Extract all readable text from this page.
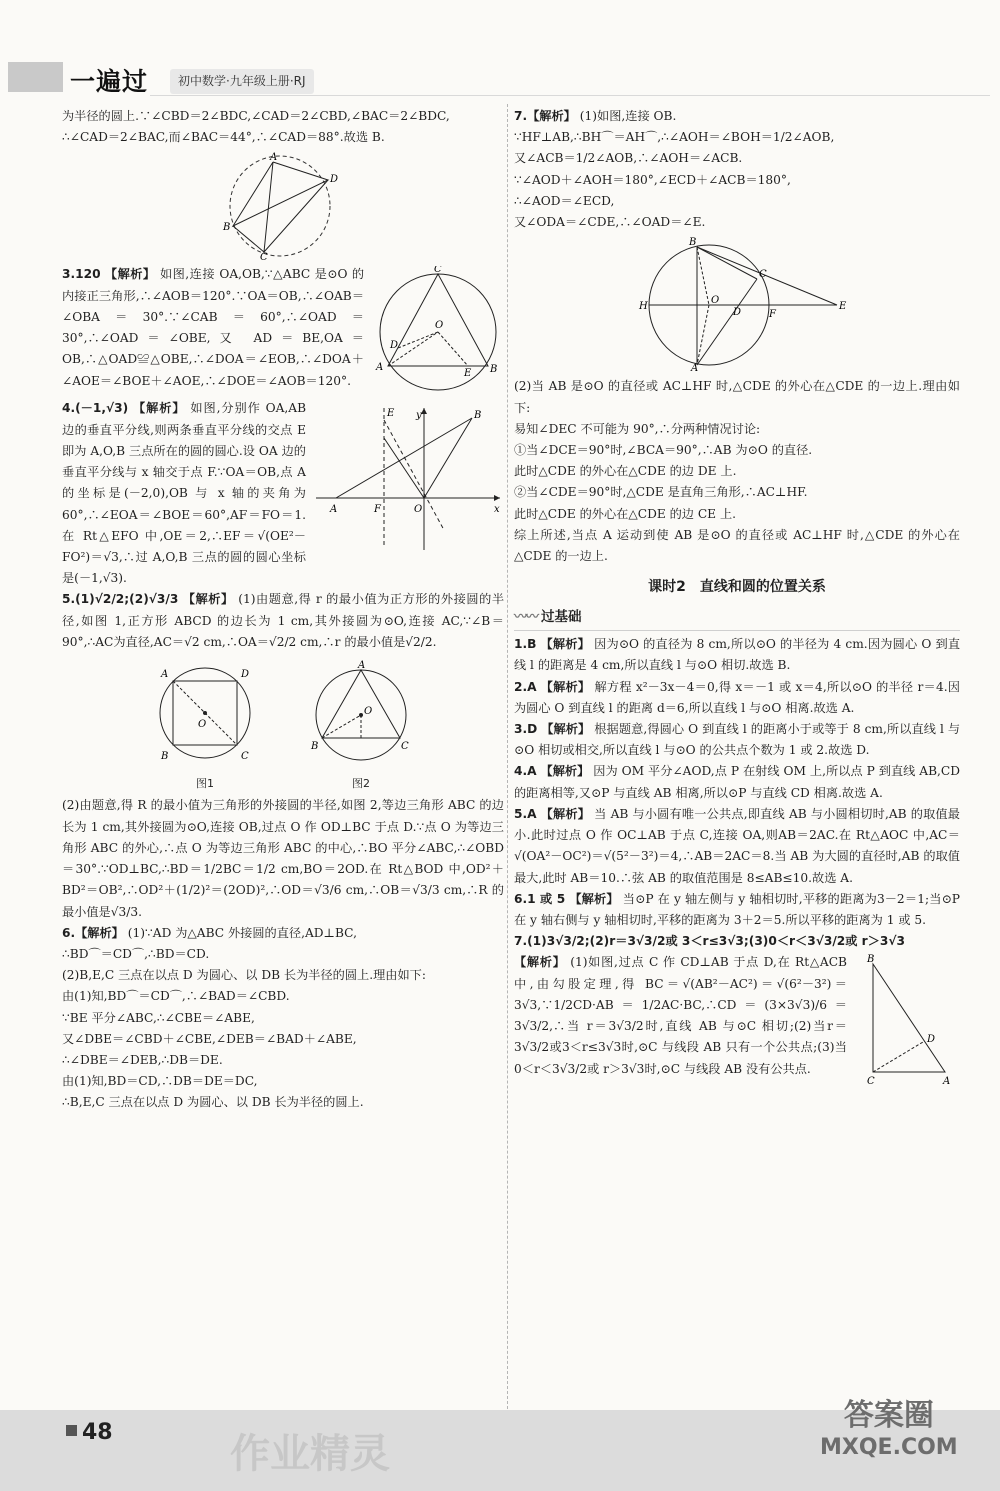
一遍过	初中数学·九年级上册·RJ

为半径的圆上.∵∠CBD＝2∠BDC,∠CAD＝2∠CBD,∠BAC＝2∠BDC,

∴∠CAD＝2∠BAC,而∠BAC＝44°,∴∠CAD＝88°.故选 B.

A
D
B
C
C
D
O
A
E B

3.120 【解析】 如图,连接 OA,OB,∵△ABC 是⊙O 的内接正三角形,∴∠AOB＝120°.∵OA＝OB,∴∠OAB＝∠OBA＝30°.∵∠CAB＝60°,∴∠OAD＝30°,∴∠OAD＝∠OBE,又 AD＝BE,OA＝OB,∴△OAD≌△OBE,∴∠DOA＝∠EOB,∴∠DOA＋∠AOE＝∠BOE＋∠AOE,∴∠DOE＝∠AOB＝120°.

E y	B
A	F	O	x

4.(－1,√3) 【解析】 如图,分别作 OA,AB 边的垂直平分线,则两条垂直平分线的交点 E 即为 A,O,B 三点所在的圆的圆心.设 OA 边的垂直平分线与 x 轴交于点 F.∵OA＝OB,点 A 的坐标是(－2,0),OB 与 x 轴的夹角为 60°,∴∠EOA＝∠BOE＝60°,AF＝FO＝1.在 Rt△EFO 中,OE＝2,∴EF＝√(OE²－FO²)＝√3,∴过 A,O,B 三点的圆的圆心坐标是(－1,√3).

5.(1)√2/2;(2)√3/3 【解析】 (1)由题意,得 r 的最小值为正方形的外接圆的半径,如图 1,正方形 ABCD 的边长为 1 cm,其外接圆为⊙O,连接 AC,∵∠B＝90°,∴AC为直径,AC＝√2 cm,∴OA＝√2/2 cm,∴r 的最小值是√2/2.

A	D
B	C
O
图1
A
B	C
O
图2

(2)由题意,得 R 的最小值为三角形的外接圆的半径,如图 2,等边三角形 ABC 的边长为 1 cm,其外接圆为⊙O,连接 OB,过点 O 作 OD⊥BC 于点 D.∵点 O 为等边三角形 ABC 的外心,∴点 O 为等边三角形 ABC 的中心,∴BO 平分∠ABC,∴∠OBD＝30°.∵OD⊥BC,∴BD＝1/2BC＝1/2 cm,BO＝2OD.在 Rt△BOD 中,OD²＋BD²＝OB²,∴OD²＋(1/2)²＝(2OD)²,∴OD＝√3/6 cm,∴OB＝√3/3 cm,∴R 的最小值是√3/3.

6.【解析】 (1)∵AD 为△ABC 外接圆的直径,AD⊥BC,

∴BD⌒＝CD⌒,∴BD＝CD.

(2)B,E,C 三点在以点 D 为圆心、以 DB 长为半径的圆上.理由如下:

由(1)知,BD⌒＝CD⌒,∴∠BAD＝∠CBD.

∵BE 平分∠ABC,∴∠CBE＝∠ABE,

又∠DBE＝∠CBD＋∠CBE,∠DEB＝∠BAD＋∠ABE,

∴∠DBE＝∠DEB,∴DB＝DE.

由(1)知,BD＝CD,∴DB＝DE＝DC,

∴B,E,C 三点在以点 D 为圆心、以 DB 长为半径的圆上.

7.【解析】 (1)如图,连接 OB.

∵HF⊥AB,∴BH⌒＝AH⌒,∴∠AOH＝∠BOH＝1/2∠AOB,

又∠ACB＝1/2∠AOB,∴∠AOH＝∠ACB.

∵∠AOD＋∠AOH＝180°,∠ECD＋∠ACB＝180°,

∴∠AOD＝∠ECD,

又∠ODA＝∠CDE,∴∠OAD＝∠E.

B
C
H
O
D	F
E
A

(2)当 AB 是⊙O 的直径或 AC⊥HF 时,△CDE 的外心在△CDE 的一边上.理由如下:

易知∠DEC 不可能为 90°,∴分两种情况讨论:

①当∠DCE＝90°时,∠BCA＝90°,∴AB 为⊙O 的直径.

此时△CDE 的外心在△CDE 的边 DE 上.

②当∠CDE＝90°时,△CDE 是直角三角形,∴AC⊥HF.

此时△CDE 的外心在△CDE 的边 CE 上.

综上所述,当点 A 运动到使 AB 是⊙O 的直径或 AC⊥HF 时,△CDE 的外心在△CDE 的一边上.

课时2　直线和圆的位置关系
〰〰 过基础

1.B 【解析】 因为⊙O 的直径为 8 cm,所以⊙O 的半径为 4 cm.因为圆心 O 到直线 l 的距离是 4 cm,所以直线 l 与⊙O 相切.故选 B.

2.A 【解析】 解方程 x²－3x－4＝0,得 x＝－1 或 x＝4,所以⊙O 的半径 r＝4.因为圆心 O 到直线 l 的距离 d＝6,所以直线 l 与⊙O 相离.故选 A.

3.D 【解析】 根据题意,得圆心 O 到直线 l 的距离小于或等于 8 cm,所以直线 l 与⊙O 相切或相交,所以直线 l 与⊙O 的公共点个数为 1 或 2.故选 D.

4.A 【解析】 因为 OM 平分∠AOD,点 P 在射线 OM 上,所以点 P 到直线 AB,CD 的距离相等,又⊙P 与直线 AB 相离,所以⊙P 与直线 CD 相离.故选 A.

5.A 【解析】 当 AB 与小圆有唯一公共点,即直线 AB 与小圆相切时,AB 的取值最小.此时过点 O 作 OC⊥AB 于点 C,连接 OA,则AB＝2AC.在 Rt△AOC 中,AC＝√(OA²－OC²)＝√(5²－3²)＝4,∴AB＝2AC＝8.当 AB 为大圆的直径时,AB 的取值最大,此时 AB＝10.∴弦 AB 的取值范围是 8≤AB≤10.故选 A.

6.1 或 5 【解析】 当⊙P 在 y 轴左侧与 y 轴相切时,平移的距离为3－2＝1;当⊙P 在 y 轴右侧与 y 轴相切时,平移的距离为 3＋2＝5.所以平移的距离为 1 或 5.

7.(1)3√3/2;(2)r＝3√3/2或 3＜r≤3√3;(3)0＜r＜3√3/2或 r＞3√3

B
D
C	A

【解析】 (1)如图,过点 C 作 CD⊥AB 于点 D,在 Rt△ACB 中,由勾股定理,得 BC＝√(AB²－AC²)＝√(6²－3²)＝3√3,∵1/2CD·AB＝1/2AC·BC,∴CD＝(3×3√3)/6＝3√3/2,∴当 r＝3√3/2时,直线 AB 与⊙C 相切;(2)当r＝3√3/2或3＜r≤3√3时,⊙C 与线段 AB 只有一个公共点;(3)当 0＜r＜3√3/2或 r＞3√3时,⊙C 与线段 AB 没有公共点.

48	作业精灵
答案圈
MXQE.COM
